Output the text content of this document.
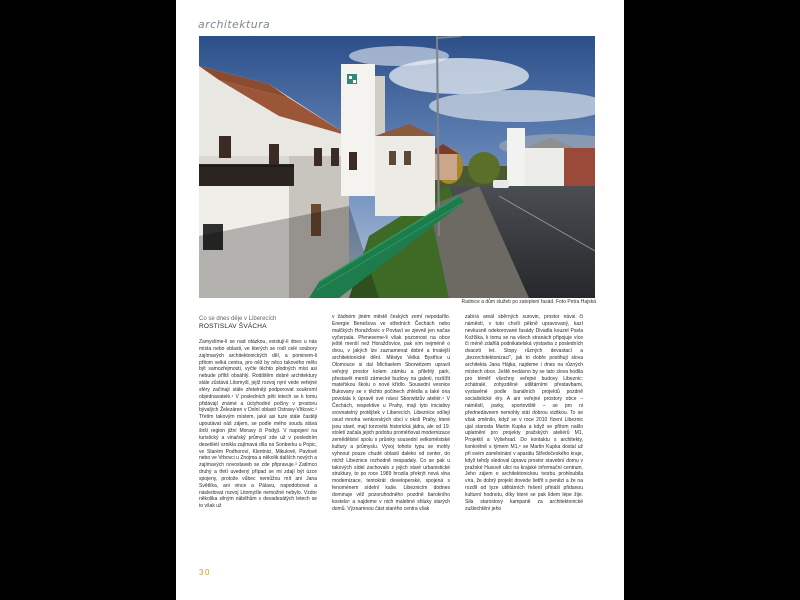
architektura
Radnice a dům služeb po zateplení fasád. Foto Petra Hajská
Co se dnes děje v Liberecích
ROSTISLAV ŠVÁCHA
Zamyslíme-li se nad otázkou, existují-li dnes u nás místa nebo oblasti, ve kterých se rodí celé soubory zajímavých architektonických děl, a pominem-li přitom velká centra, pro něž by něco takového mělo být samozřejmostí, vyčte těchto plodných míst asi nebude příliš obsáhlý. Rodištěm dobré architektury stále zůstává Litomyšl, jejíž rozvoj nyní vede veřejné sféry začínají stále zřetelněji podporovat soukromí objednavatelé.¹ V posledních pěti letech se k tomu přidávají známé a úctyhodné počiny v prostoru bývalých Železáren v Dolní oblasti Ostravy-Vítkovic.² Třetím takovým místem, jaké asi tuze stále častěji upoutávat náš zájem, se podle mého soudu stává širší region jižní Moravy či Podyjí. V napojení na turistický a vinařský průmysl zde už v posledním desetiletí vznikla zajímavá díla na Sonberku u Popic, ve Starém Podhoroví, Klentnici, Mikulově, Pavlově nebo ve Vrbovci u Znojma a několik dalších nových a zajímavých novostaveb se zde připravuje.³ Zatímco druhý a třetí uvedený případ se mi zdají být úzce spojeny, protože vůbec nemůžou mít ani Jana Světlíka, ani vince a Pálavu, napodobovat a následovat rozvoj Litomyšle nemožné nebylo. Vzdor několika silným náběhům v devadesátých letech se to však už
v žádném jiném městě českých zemí nepodařilo. Energie Benešova ve středních Čechách nebo malčkých Horažďovic v Povtaví se zjevně jen načas vyčerpala. Přeneseme-li však pozornost na obce ještě menší než Horažďovice, pak vím nejméně o dvou, v jakých lze zaznamenat dobré a trvalejší architektonické dění. Městys Velká Bystřice u Olomouce si dal Michaelem Sborwitzem upravit veřejný prostor kolem zámku a přilehlý park, přestavět menší zámecké budovy na galerii, rozšířit mateřskou školu o nové křídlo. Sousední vesnice Bukovany se v těchto počinech zhlédla a také ona povolala k úpravě své návsi Sborwitzův ateliér.⁴ V Čechách, respektive u Prahy, mají tyto iniciativy srovnatelný protějšek v Liberecích. Libeznice sdílejí osud mnoha venkovských obcí v okolí Prahy, které jsou staré, mají torzovitá historická jádra, ale od 19. století začala jejich podobu proměňovat modernizace zemědělství spolu s průniky sousední velkoměstské kultury a průmyslu. Vývoj tohoto typu se mohly vyhnout pouze chudé oblasti daleko od center, do nichž Libeznice rozhodně nespadaly. Co se pak u takových sídel zachovalo z jejich staré urbanistické struktury, to po roce 1989 hrozila překrýt nová vlna modernizace, tentokrát developerské, spojená s fenoménem sídelní kaše. Libeznicím dodnes dominuje věž pozoruhodného pozdně barokního kostela⁵ a najdeme v nich malebné shluky starých domů. Významnou část starého centra však
zabírá areál sběrných surovin, prostor návsi či náměstí, v tuto chvíli pěkně upravovaný, kazí nevkusně odekorované fasády Divadla kouzel Pavla Kožíška, k tomu se na všech stranách připojuje více či méně zdařilá podnikatelská výstavba z posledních dvaceti let. Stopy různých devastací a „dezorchitektonizací“, jak to dobře postihují slova architekta Jana Hájka, najdeme i dnes na různých místech obce. Ještě nedávno by se tato slova hodila pro téměř všechny veřejné budovy Libeznic: zchátralé, zohyzděné utilitárními přestavbami, vystavěné podle banálních projektů pozdně socialistické éry. A ani veřejné prostory obce – náměstí, parky, sportoviště – se pro ni přednedávnem nemohly stát dobrou vizitkou. To se však změnilo, když se v roce 2010 řízení Libeznic ujal starosta Martin Kupka a když se přitom našlo uplatnění pro projekty pražských ateliérů M1, Projektil a Výšehrad. Do kontaktu s architekty, konkrétně s týmem M1,⁶ se Martin Kupka dostal už při svém zaměstnání v aparátu Středočeského kraje, když tehdy sledoval úpravu prostor stavební domu v pražské Husově ulici na krajské informační centrum. Jeho zájem o architektonickou tvorbu prohloubila víra, že dobrý projekt dovede šetřit s penězi a že na rozdíl od tyze utilitárních řešení přináší přidanou kulturní hodnotu, díky které se pak lidem lépe žije. Sila starostovy kampaně za architektonické zušlechtění jeho
30
